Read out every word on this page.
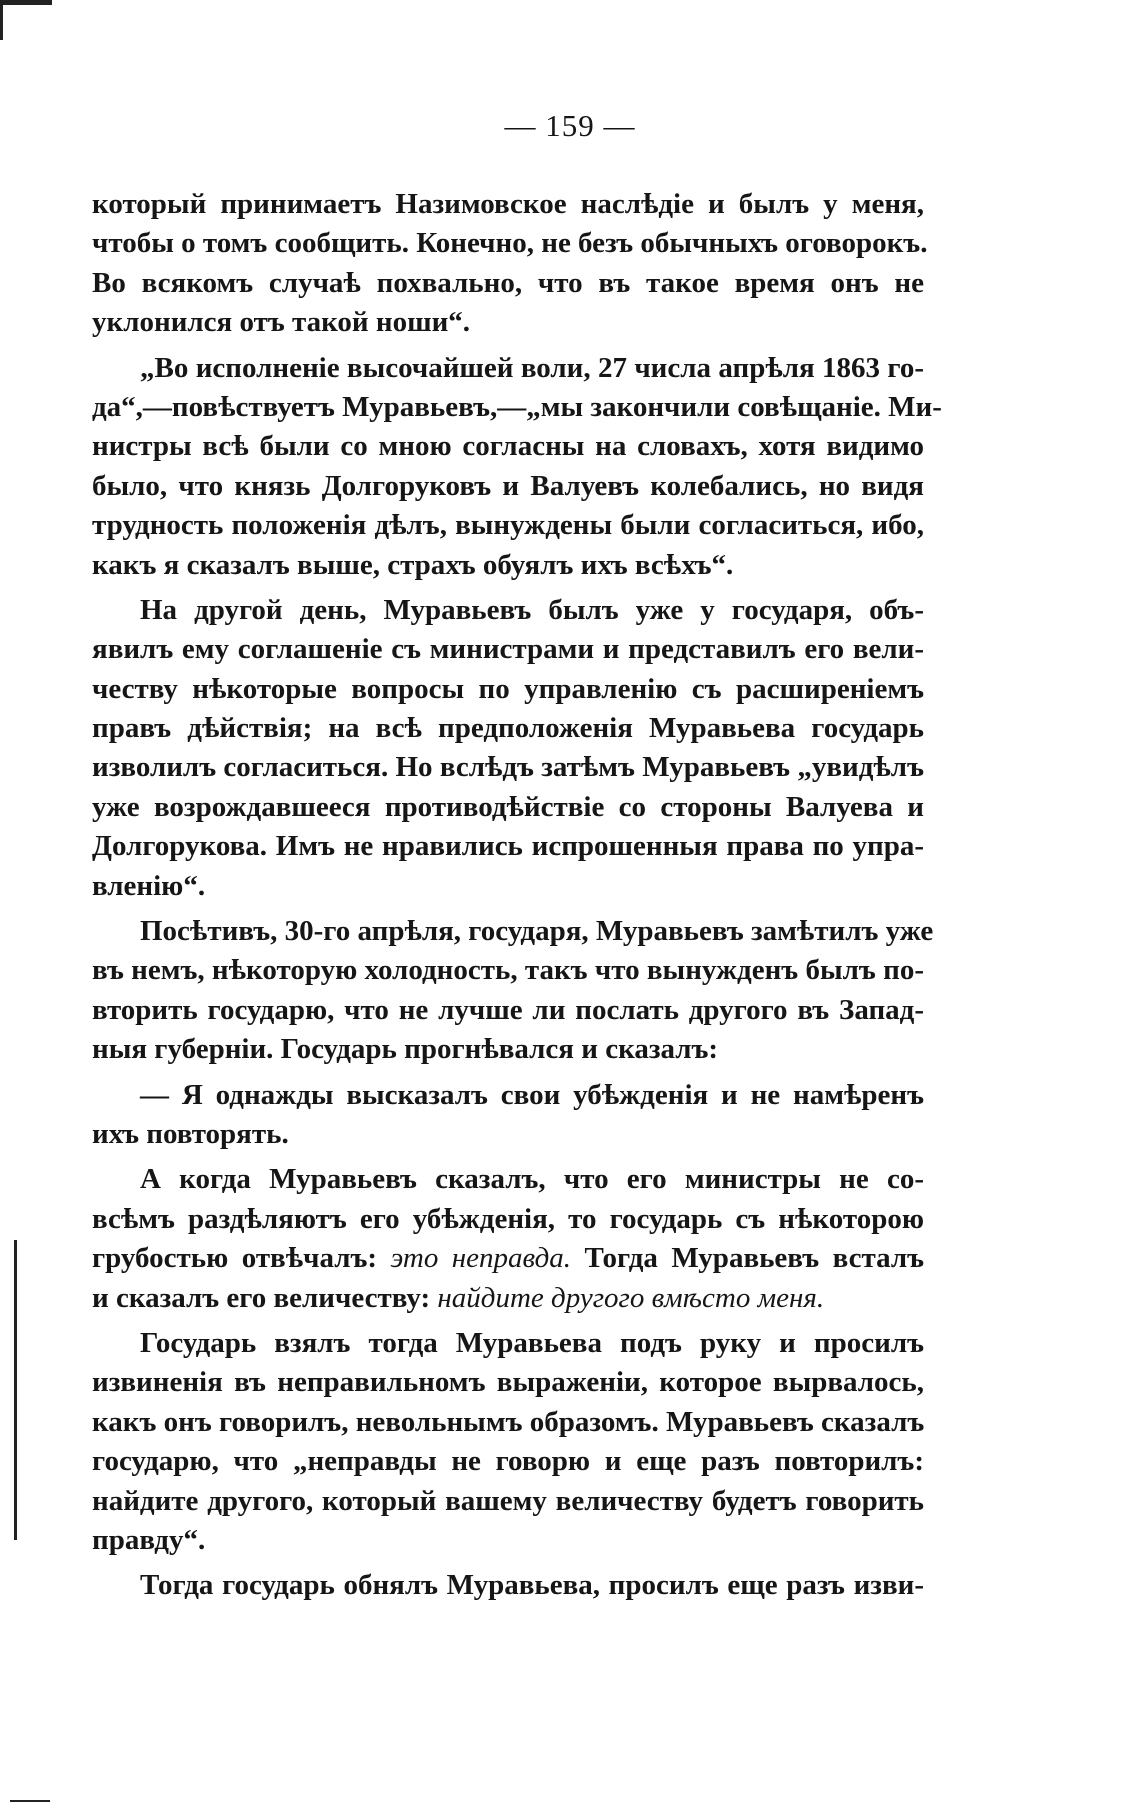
— 159 —
который принимаетъ Назимовское наслѣдіе и былъ у меня,
чтобы о томъ сообщить. Конечно, не безъ обычныхъ оговорокъ.
Во всякомъ случаѣ похвально, что въ такое время онъ не
уклонился отъ такой ноши“.
„Во исполненіе высочайшей воли, 27 числа апрѣля 1863 го-
да“,—повѣствуетъ Муравьевъ,—„мы закончили совѣщаніе. Ми-
нистры всѣ были со мною согласны на словахъ, хотя видимо
было, что князь Долгоруковъ и Валуевъ колебались, но видя
трудность положенія дѣлъ, вынуждены были согласиться, ибо,
какъ я сказалъ выше, страхъ обуялъ ихъ всѣхъ“.
На другой день, Муравьевъ былъ уже у государя, объ-
явилъ ему соглашеніе съ министрами и представилъ его вели-
честву нѣкоторые вопросы по управленію съ расширеніемъ
правъ дѣйствія; на всѣ предположенія Муравьева государь
изволилъ согласиться. Но вслѣдъ затѣмъ Муравьевъ „увидѣлъ
уже возрождавшееся противодѣйствіе со стороны Валуева и
Долгорукова. Имъ не нравились испрошенныя права по упра-
вленію“.
Посѣтивъ, 30-го апрѣля, государя, Муравьевъ замѣтилъ уже
въ немъ, нѣкоторую холодность, такъ что вынужденъ былъ по-
вторить государю, что не лучше ли послать другого въ Запад-
ныя губерніи. Государь прогнѣвался и сказалъ:
— Я однажды высказалъ свои убѣжденія и не намѣренъ
ихъ повторять.
А когда Муравьевъ сказалъ, что его министры не со-
всѣмъ раздѣляютъ его убѣжденія, то государь съ нѣкоторою
грубостью отвѣчалъ: это неправда. Тогда Муравьевъ всталъ
и сказалъ его величеству: найдите другого вмѣсто меня.
Государь взялъ тогда Муравьева подъ руку и просилъ
извиненія въ неправильномъ выраженіи, которое вырвалось,
какъ онъ говорилъ, невольнымъ образомъ. Муравьевъ сказалъ
государю, что „неправды не говорю и еще разъ повторилъ:
найдите другого, который вашему величеству будетъ говорить
правду“.
Тогда государь обнялъ Муравьева, просилъ еще разъ изви-
